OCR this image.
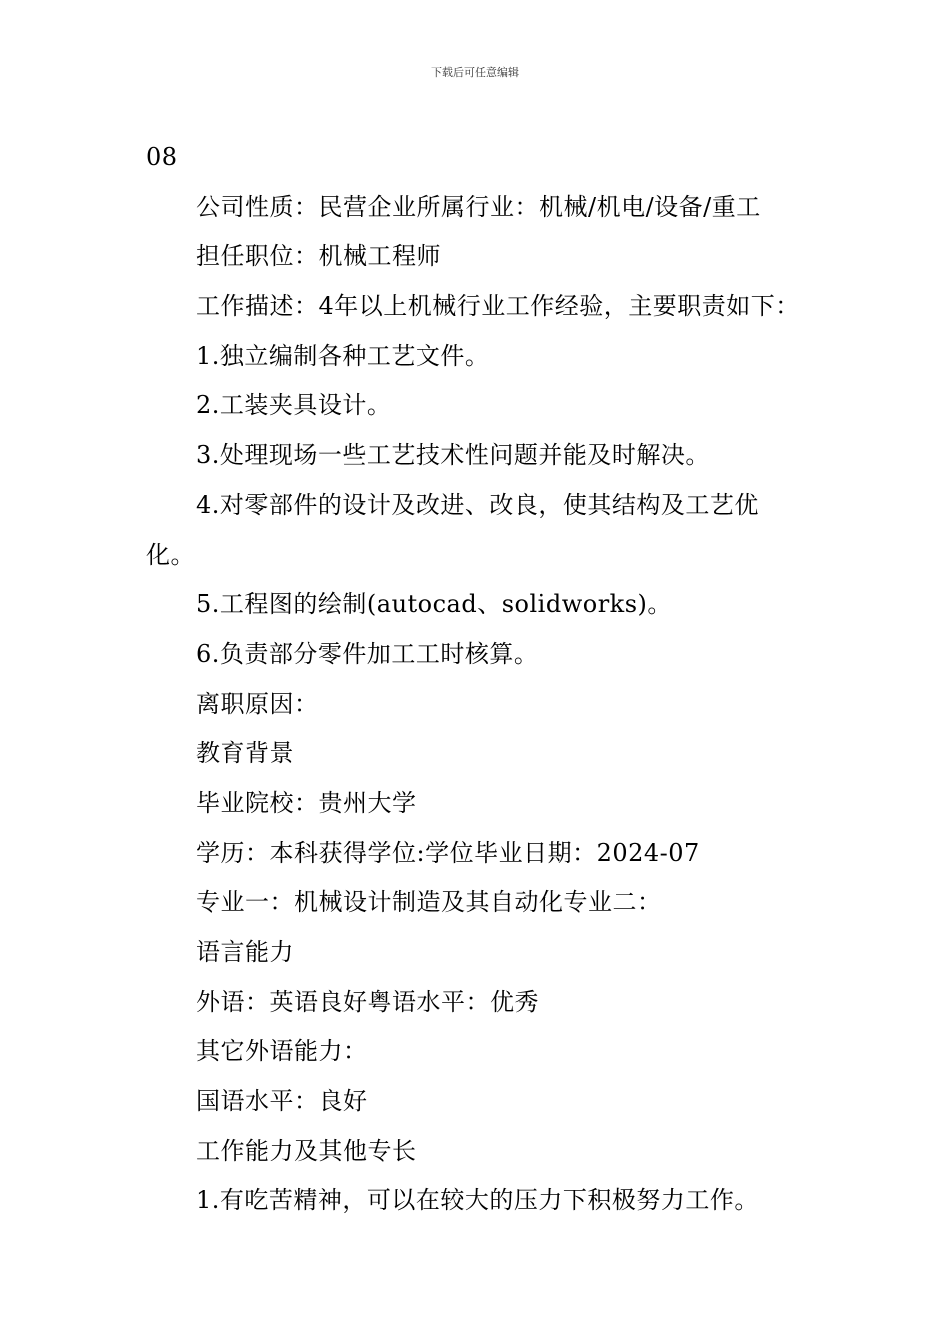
下载后可任意编辑
08
公司性质：民营企业所属行业：机械/机电/设备/重工
担任职位：机械工程师
工作描述：4年以上机械行业工作经验，主要职责如下：
1.独立编制各种工艺文件。
2.工装夹具设计。
3.处理现场一些工艺技术性问题并能及时解决。
4.对零部件的设计及改进、改良，使其结构及工艺优
化。
5.工程图的绘制(autocad、solidworks)。
6.负责部分零件加工工时核算。
离职原因：
教育背景
毕业院校：贵州大学
学历：本科获得学位:学位毕业日期：2024-07
专业一：机械设计制造及其自动化专业二：
语言能力
外语：英语良好粤语水平：优秀
其它外语能力：
国语水平：良好
工作能力及其他专长
1.有吃苦精神，可以在较大的压力下积极努力工作。
